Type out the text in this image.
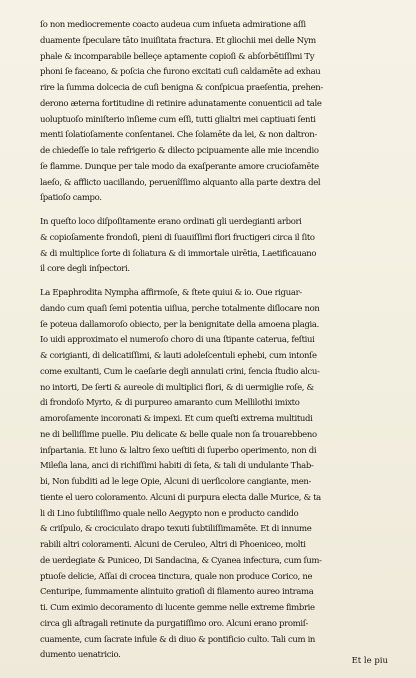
ſo non mediocremente coacto audeua cum inſueta admiratione aſſi
duamente ſpeculare tāto inuiſitata fractura. Et gliochii mei delle Nym
phale & incomparabile belleçe aptamente copioſi & abſorbētiſſimi Ty
phoni ſe faceano, & poſcia che furono excitati cuſi caldamēte ad exhau
rire la ſumma dolcecia de cuſi benigna & conſpicua praeſentia, prehen-
derono æterna fortitudine di retinire adunatamente conuenticii ad tale
uoluptuoſo miniſterio inſieme cum eſſi, tutti glialtri mei captiuati ſenti
menti ſolatioſamente conſentanei. Che ſolamēte da lei, & non daltron-
de chiedeſſe io tale refrigerio & dilecto pcipuamente alle mie incendio
ſe flamme. Dunque per tale modo da exaſperante amore cruciofamēte
laeſo, & afflicto uacillando, peruenîſſimo alquanto alla parte dextra del
ſpatioſo campo.
In queſto loco diſpoſitamente erano ordinati gli uerdegianti arbori
& copioſamente frondoſi, pieni di ſuauiſſimi flori fructigeri circa il ſito
& di multiplice ſorte di ſoliatura & di immortale uirētia, Laetificauano
il core degli inſpectori.
La Epaphrodita Nympha affirmoſe, & ſtete quiui & io. Oue riguar-
dando cum quaſi ſemi potentia uiſiua, perche totalmente diſlocare non
ſe poteua dallamoroſo obiecto, per la benignitate della amoena plagia.
Io uidi approximato el numeroſo choro di una ſtipante caterua, feſtiui
& corigianti, di delicatiſſimi, & lauti adoleſcentuli ephebi, cum intonſe
come exultanti, Cum le caeſarie degli annulati crini, ſencia ſtudio alcu-
no intorti, De ſerti & aureole di multiplici flori, & di uermiglie roſe, &
di frondoſo Myrto, & di purpureo amaranto cum Mellilothi imixto
amoroſamente incoronati & impexi. Et cum queſti extrema multitudi
ne di belliſſime puelle. Piu delicate & belle quale non ſa trouarebbeno
inſpartania. Et luno & laltro ſexo ueſtiti di ſuperbo operimento, non di
Mileſia lana, anci di richiſſimi habiti di ſeta, & tali di undulante Thab-
bi, Non ſubditi ad le lege Opie, Alcuni di uerſicolore cangiante, men-
tiente el uero coloramento. Alcuni di purpura electa dalle Murice, & ta
li di Lino ſubtiliſſimo quale nello Aegypto non e producto candido
& criſpulo, & crociculato drapo texuti ſubtiliſſimamēte. Et di innume
rabili altri coloramenti. Alcuni de Ceruleo, Altri di Phoeniceo, molti
de uerdegiate & Puniceo, Di Sandacina, & Cyanea infectura, cum ſum-
ptuoſe delicie, Aſſai di crocea tinctura, quale non produce Corico, ne
Centuripe, ſummamente alintuito gratioſi di filamento aureo intrama
ti. Cum eximio decoramento di lucente gemme nelle extreme fimbrie
circa gli aſtragali retinute da purgatiſſimo oro. Alcuni erano promiſ-
cuamente, cum ſacrate infule & di diuo & pontificio culto. Tali cum in
dumento uenatricio.
Et le piu
